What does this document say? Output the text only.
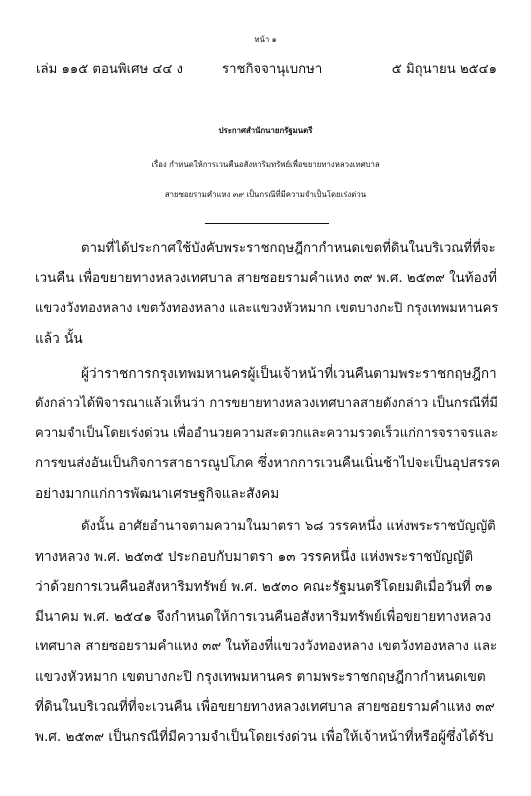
หน้า ๑
เล่ม ๑๑๕ ตอนพิเศษ ๔๔ ง	ราชกิจจานุเบกษา	๕ มิถุนายน ๒๕๔๑
ประกาศสำนักนายกรัฐมนตรี
เรื่อง กำหนดให้การเวนคืนอสังหาริมทรัพย์เพื่อขยายทางหลวงเทศบาล
สายซอยรามคำแหง ๓๙ เป็นกรณีที่มีความจำเป็นโดยเร่งด่วน
ตามที่ได้ประกาศใช้บังคับพระราชกฤษฎีกากำหนดเขตที่ดินในบริเวณที่ที่จะ
เวนคืน เพื่อขยายทางหลวงเทศบาล สายซอยรามคำแหง ๓๙ พ.ศ. ๒๕๓๙ ในท้องที่
แขวงวังทองหลาง เขตวังทองหลาง และแขวงหัวหมาก เขตบางกะปิ กรุงเทพมหานคร
แล้ว นั้น
ผู้ว่าราชการกรุงเทพมหานครผู้เป็นเจ้าหน้าที่เวนคืนตามพระราชกฤษฎีกา
ดังกล่าวได้พิจารณาแล้วเห็นว่า การขยายทางหลวงเทศบาลสายดังกล่าว เป็นกรณีที่มี
ความจำเป็นโดยเร่งด่วน เพื่ออำนวยความสะดวกและความรวดเร็วแก่การจราจรและ
การขนส่งอันเป็นกิจการสาธารณูปโภค ซึ่งหากการเวนคืนเนิ่นช้าไปจะเป็นอุปสรรค
อย่างมากแก่การพัฒนาเศรษฐกิจและสังคม
ดังนั้น อาศัยอำนาจตามความในมาตรา ๖๘ วรรคหนึ่ง แห่งพระราชบัญญัติ
ทางหลวง พ.ศ. ๒๕๓๕ ประกอบกับมาตรา ๑๓ วรรคหนึ่ง แห่งพระราชบัญญัติ
ว่าด้วยการเวนคืนอสังหาริมทรัพย์ พ.ศ. ๒๕๓๐ คณะรัฐมนตรีโดยมติเมื่อวันที่ ๓๑
มีนาคม พ.ศ. ๒๕๔๑ จึงกำหนดให้การเวนคืนอสังหาริมทรัพย์เพื่อขยายทางหลวง
เทศบาล สายซอยรามคำแหง ๓๙ ในท้องที่แขวงวังทองหลาง เขตวังทองหลาง และ
แขวงหัวหมาก เขตบางกะปิ กรุงเทพมหานคร ตามพระราชกฤษฎีกากำหนดเขต
ที่ดินในบริเวณที่ที่จะเวนคืน เพื่อขยายทางหลวงเทศบาล สายซอยรามคำแหง ๓๙
พ.ศ. ๒๕๓๙ เป็นกรณีที่มีความจำเป็นโดยเร่งด่วน เพื่อให้เจ้าหน้าที่หรือผู้ซึ่งได้รับ
